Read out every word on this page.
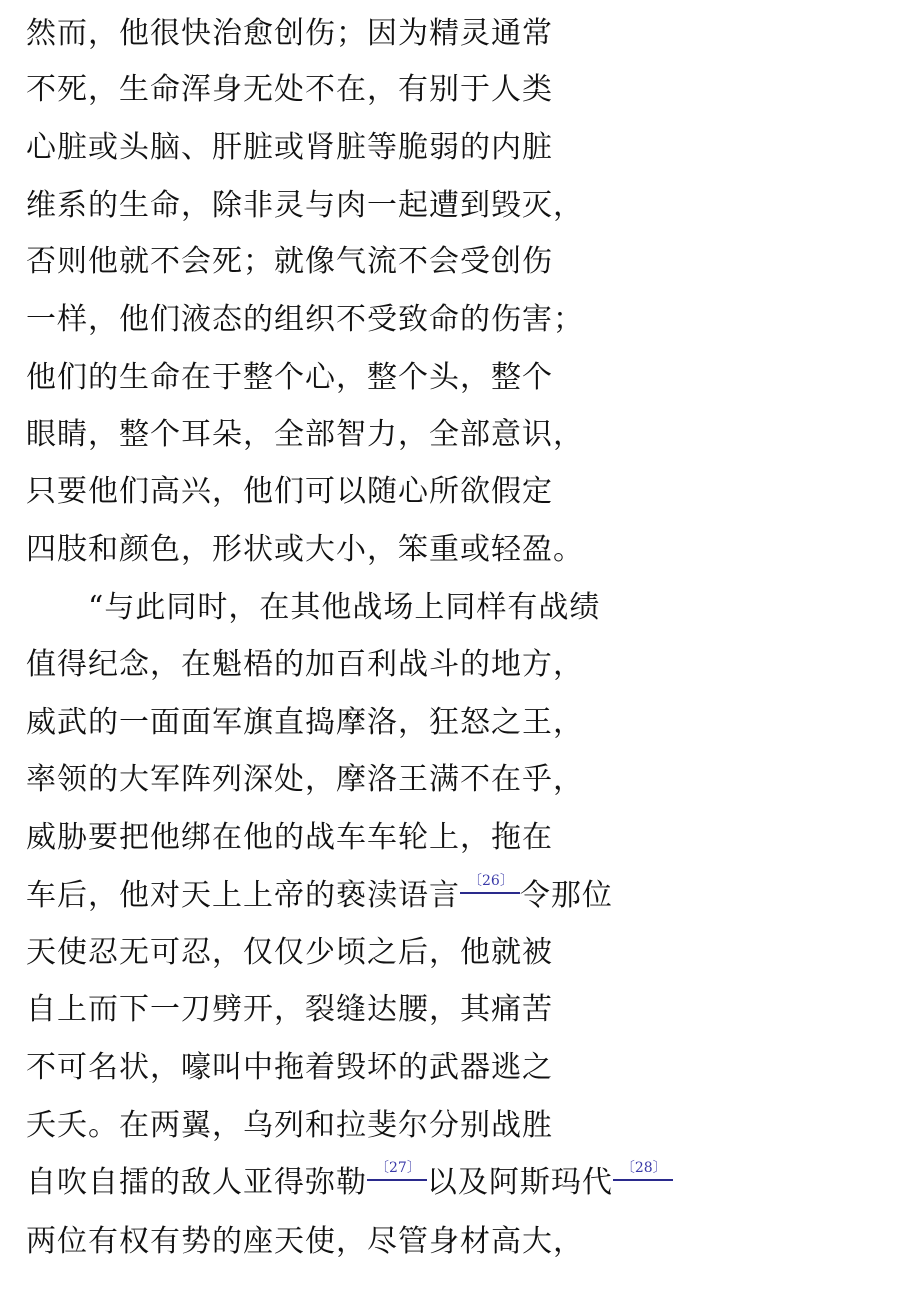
然而，他很快治愈创伤；因为精灵通常
不死，生命浑身无处不在，有别于人类
心脏或头脑、肝脏或肾脏等脆弱的内脏
维系的生命，除非灵与肉一起遭到毁灭，
否则他就不会死；就像气流不会受创伤
一样，他们液态的组织不受致命的伤害；
他们的生命在于整个心，整个头，整个
眼睛，整个耳朵，全部智力，全部意识，
只要他们高兴，他们可以随心所欲假定
四肢和颜色，形状或大小，笨重或轻盈。
“与此同时，在其他战场上同样有战绩
值得纪念，在魁梧的加百利战斗的地方，
威武的一面面军旗直捣摩洛，狂怒之王，
率领的大军阵列深处，摩洛王满不在乎，
威胁要把他绑在他的战车车轮上，拖在
车后，他对天上上帝的亵渎语言 〔26〕 令那位
天使忍无可忍，仅仅少顷之后，他就被
自上而下一刀劈开，裂缝达腰，其痛苦
不可名状，嚎叫中拖着毁坏的武器逃之
夭夭。在两翼，乌列和拉斐尔分别战胜
自吹自擂的敌人亚得弥勒 〔27〕 以及阿斯玛代 〔28〕
两位有权有势的座天使，尽管身材高大，
